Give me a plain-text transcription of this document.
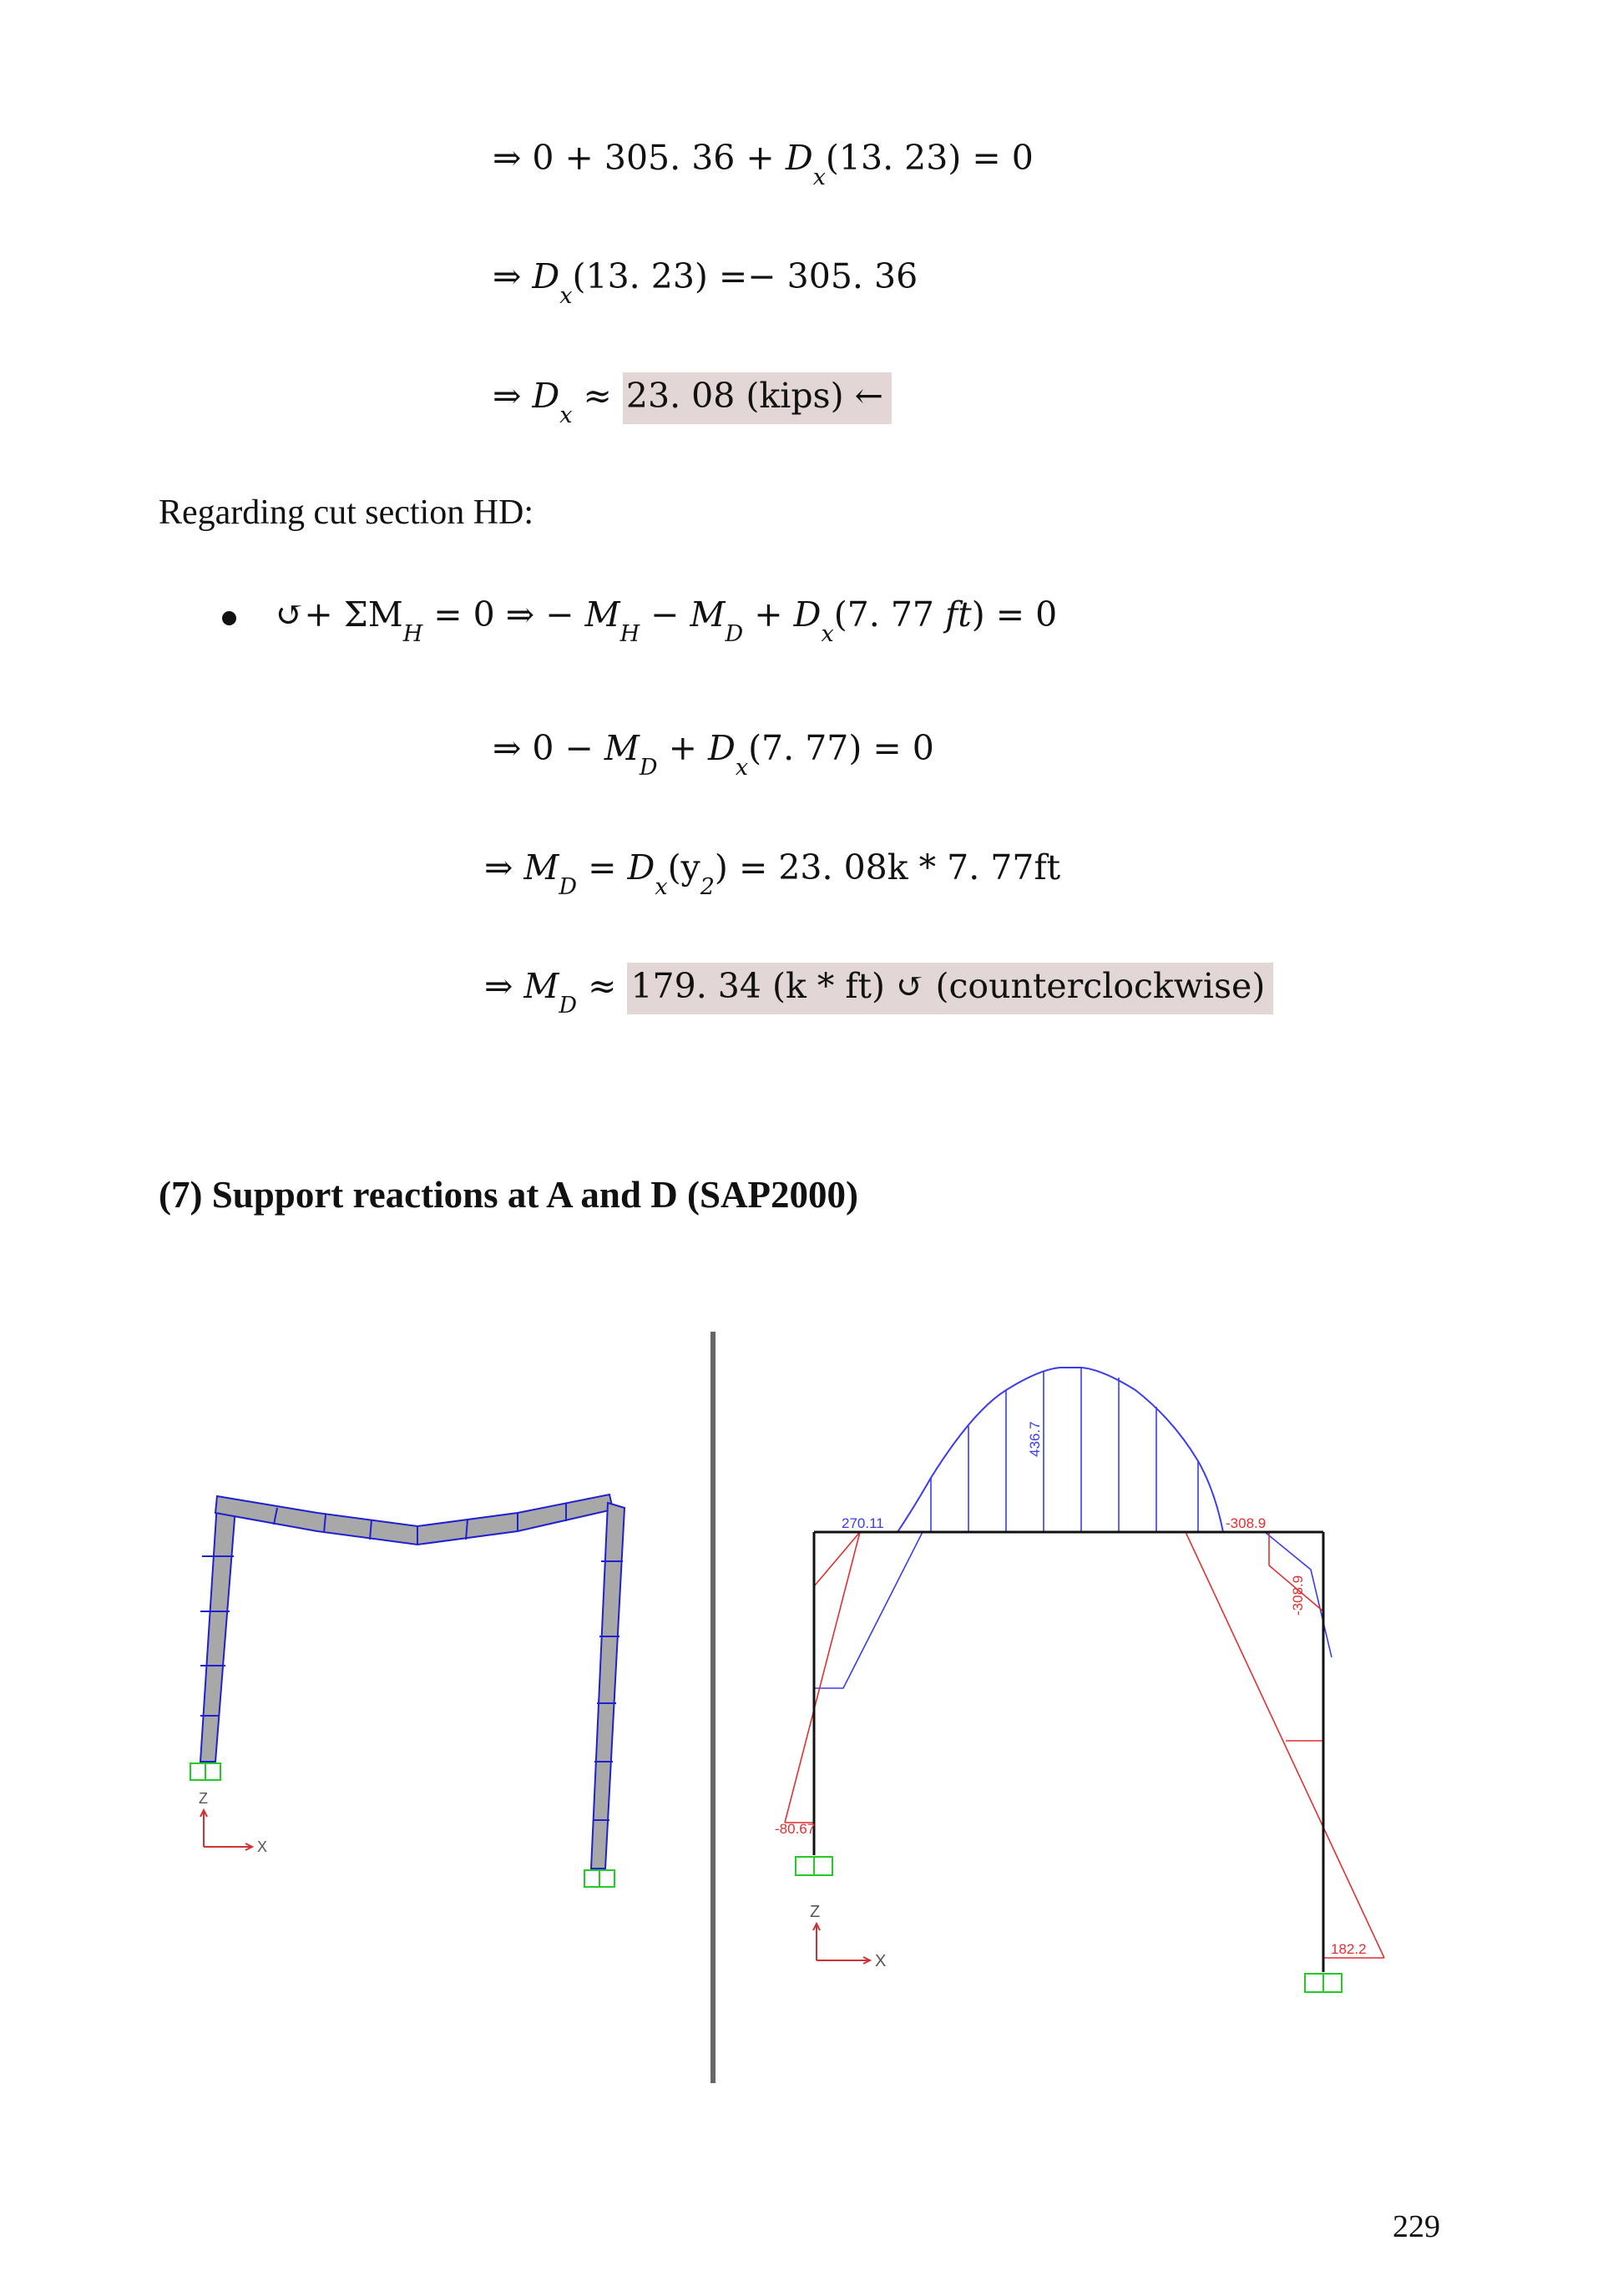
⇒ 0 + 305. $36 + D_x(13$. 23) = 0
⇒ $D_x(13$. 23) =− 305. 36
⇒ $D_x \approx 23$. 08 (kips) ←
Regarding cut section HD:
↺+ $\Sigma M_H = 0$ ⇒ − $M_H - M_D + D_x(7$. 77 ft) = 0
⇒ $0 - M_D + D_x(7$. 77) = 0
⇒ $M_D = D_x(y_2) = 23$. 08k * 7. 77ft
⇒ $M_D \approx 179$. 34 (k * ft) ↺ (counterclockwise)
(7) Support reactions at A and D (SAP2000)
Z
X
270.11	-308.9
436.7
-308.9
-80.67
182.2
Z
X
229
